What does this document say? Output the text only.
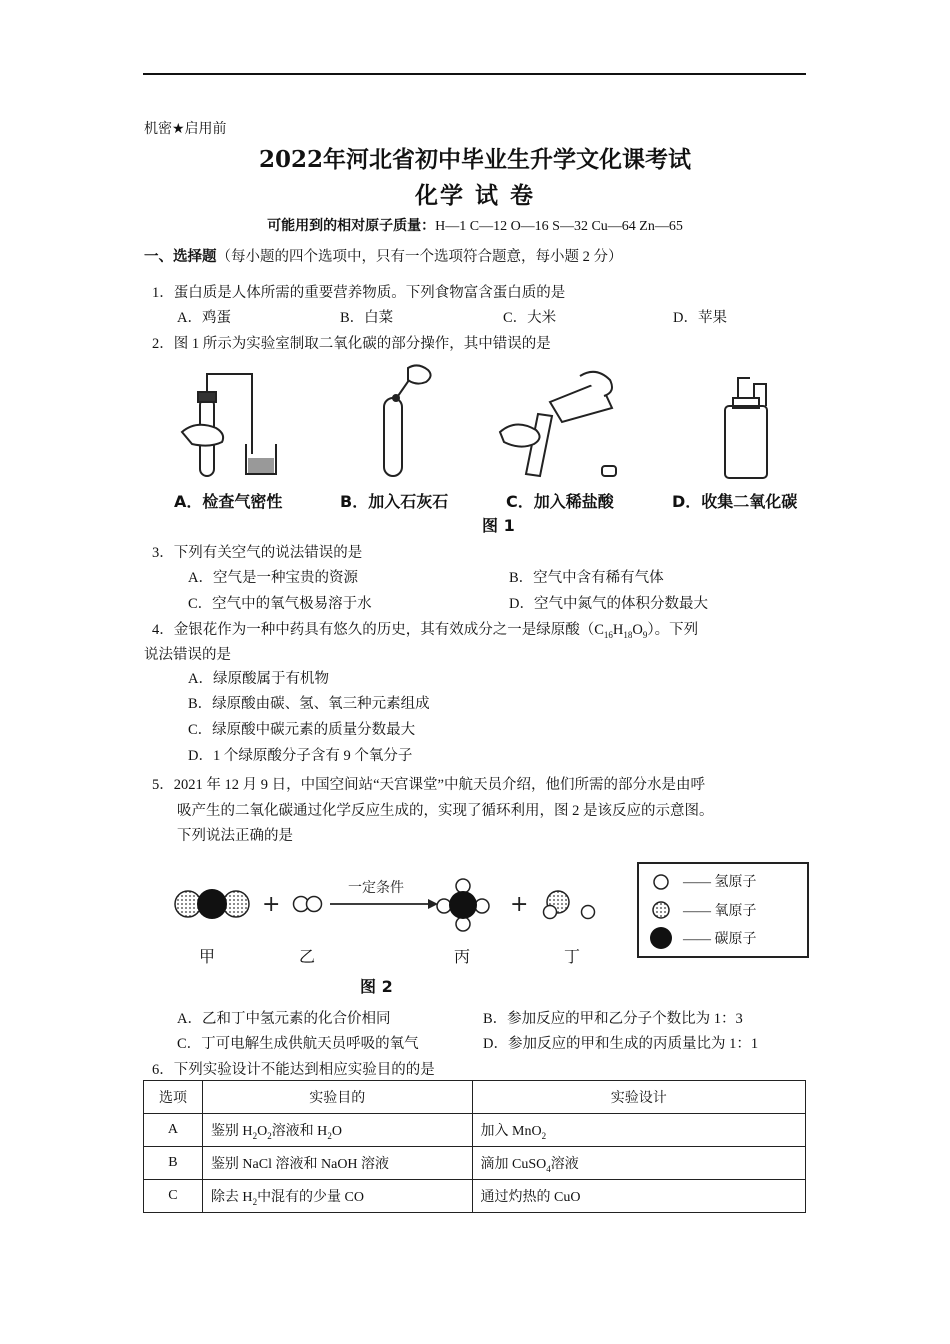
机密★启用前
2022年河北省初中毕业生升学文化课考试
化学 试 卷
可能用到的相对原子质量：H—1 C—12 O—16 S—32 Cu—64 Zn—65
一、选择题（每小题的四个选项中，只有一个选项符合题意，每小题 2 分）
1．蛋白质是人体所需的重要营养物质。下列食物富含蛋白质的是
A．鸡蛋	B．白菜	C．大米	D．苹果
2．图 1 所示为实验室制取二氧化碳的部分操作，其中错误的是
A．检查气密性	B．加入石灰石	C．加入稀盐酸	D．收集二氧化碳
图 1
3．下列有关空气的说法错误的是
A．空气是一种宝贵的资源	B．空气中含有稀有气体
C．空气中的氧气极易溶于水	D．空气中氮气的体积分数最大
4．金银花作为一种中药具有悠久的历史，其有效成分之一是绿原酸$(C_{16}H_{18}O_9)$。下列
说法错误的是
A．绿原酸属于有机物
B．绿原酸由碳、氢、氧三种元素组成
C．绿原酸中碳元素的质量分数最大
D．1 个绿原酸分子含有 9 个氧分子
5．2021 年 12 月 9 日，中国空间站“天宫课堂”中航天员介绍，他们所需的部分水是由呼
吸产生的二氧化碳通过化学反应生成的，实现了循环利用，图 2 是该反应的示意图。
下列说法正确的是
+
一定条件
+
甲	乙	丙	丁
图 2
—— 氢原子
—— 氧原子
—— 碳原子
A．乙和丁中氢元素的化合价相同	B．参加反应的甲和乙分子个数比为 1：3
C．丁可电解生成供航天员呼吸的氧气	D．参加反应的甲和生成的丙质量比为 1：1
6．下列实验设计不能达到相应实验目的的是
选项	实验目的	实验设计
A	鉴别 $H_2O_2$溶液和 $H_2O$	加入 MnO$_2$
B	鉴别 NaCl 溶液和 NaOH 溶液	滴加 CuSO$_4$溶液
C	除去 $H_2$中混有的少量 CO	通过灼热的 CuO
